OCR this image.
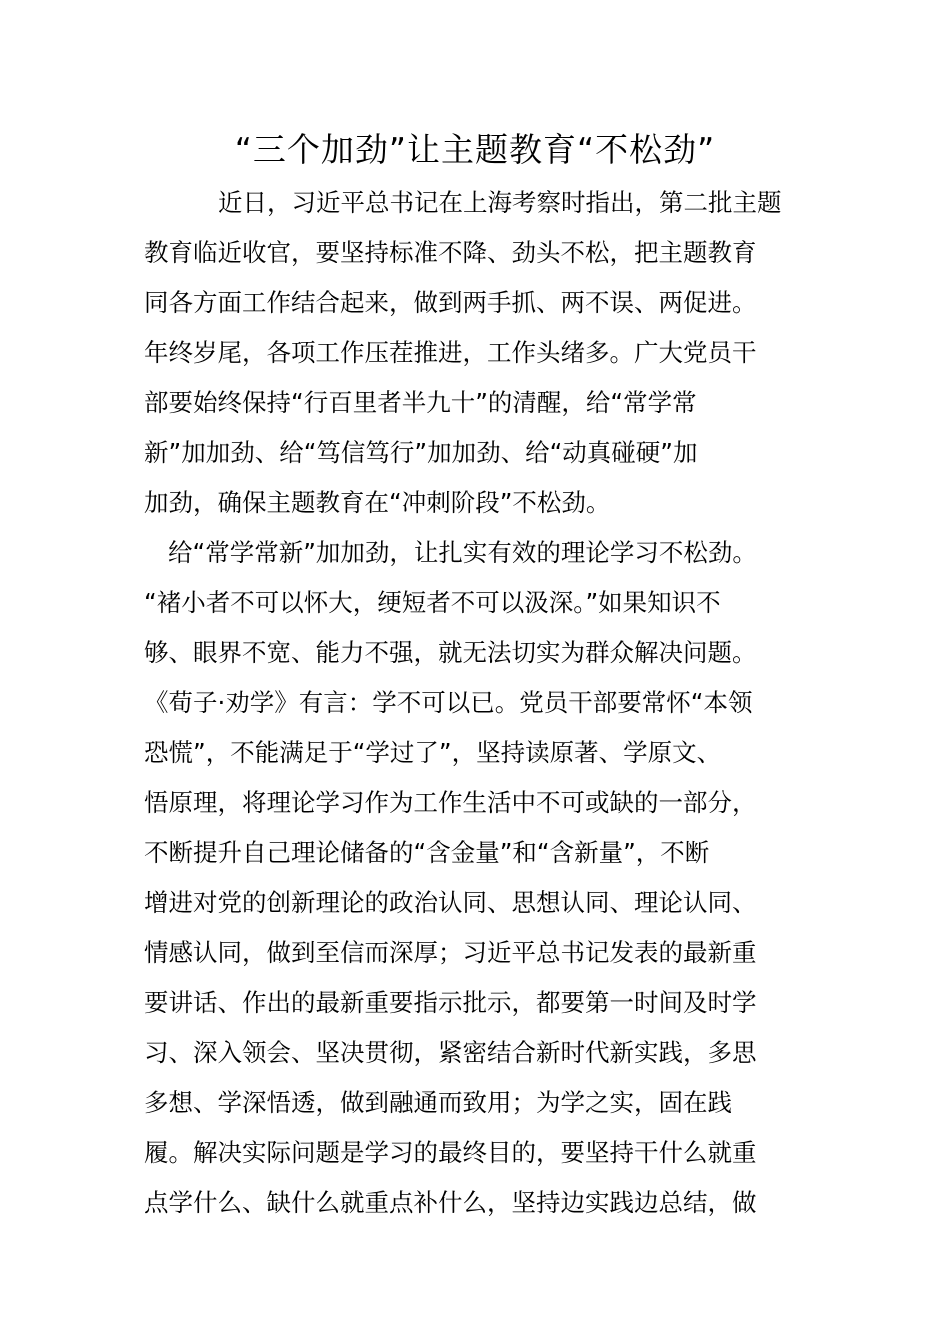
“三个加劲”让主题教育“不松劲”
近日，习近平总书记在上海考察时指出，第二批主题
教育临近收官，要坚持标准不降、劲头不松，把主题教育
同各方面工作结合起来，做到两手抓、两不误、两促进。
年终岁尾，各项工作压茬推进，工作头绪多。广大党员干
部要始终保持“行百里者半九十”的清醒，给“常学常
新”加加劲、给“笃信笃行”加加劲、给“动真碰硬”加
加劲，确保主题教育在“冲刺阶段”不松劲。
给“常学常新”加加劲，让扎实有效的理论学习不松劲。
“褚小者不可以怀大，绠短者不可以汲深。”如果知识不
够、眼界不宽、能力不强，就无法切实为群众解决问题。
《荀子·劝学》有言：学不可以已。党员干部要常怀“本领
恐慌”，不能满足于“学过了”，坚持读原著、学原文、
悟原理，将理论学习作为工作生活中不可或缺的一部分，
不断提升自己理论储备的“含金量”和“含新量”，不断
增进对党的创新理论的政治认同、思想认同、理论认同、
情感认同，做到至信而深厚；习近平总书记发表的最新重
要讲话、作出的最新重要指示批示，都要第一时间及时学
习、深入领会、坚决贯彻，紧密结合新时代新实践，多思
多想、学深悟透，做到融通而致用；为学之实，固在践
履。解决实际问题是学习的最终目的，要坚持干什么就重
点学什么、缺什么就重点补什么，坚持边实践边总结，做
